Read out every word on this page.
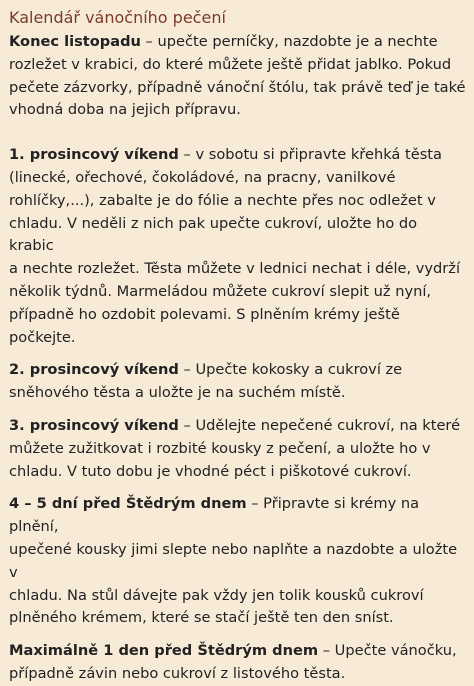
Kalendář vánočního pečení

Konec listopadu – upečte perníčky, nazdobte je a nechte
rozležet v krabici, do které můžete ještě přidat jablko. Pokud
pečete zázvorky, případně vánoční štólu, tak právě teď je také
vhodná doba na jejich přípravu.

1. prosincový víkend – v sobotu si připravte křehká těsta
(linecké, ořechové, čokoládové, na pracny, vanilkové
rohlíčky,...), zabalte je do fólie a nechte přes noc odležet v
chladu. V neděli z nich pak upečte cukroví, uložte ho do krabic
a nechte rozležet. Těsta můžete v lednici nechat i déle, vydrží
několik týdnů. Marmeládou můžete cukroví slepit už nyní,
případně ho ozdobit polevami. S plněním krémy ještě počkejte.

2. prosincový víkend – Upečte kokosky a cukroví ze
sněhového těsta a uložte je na suchém místě.

3. prosincový víkend – Udělejte nepečené cukroví, na které
můžete zužitkovat i rozbité kousky z pečení, a uložte ho v
chladu. V tuto dobu je vhodné péct i piškotové cukroví.

4 – 5 dní před Štědrým dnem – Připravte si krémy na plnění,
upečené kousky jimi slepte nebo naplňte a nazdobte a uložte v
chladu. Na stůl dávejte pak vždy jen tolik kousků cukroví
plněného krémem, které se stačí ještě ten den sníst.

Maximálně 1 den před Štědrým dnem – Upečte vánočku,
případně závin nebo cukroví z listového těsta.
